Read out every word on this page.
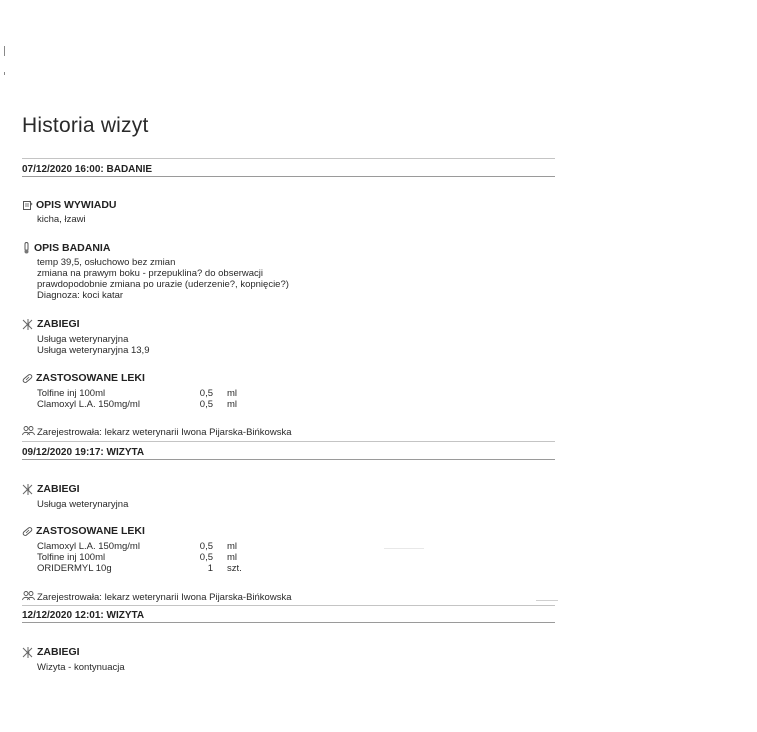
Historia wizyt
07/12/2020 16:00: BADANIE
OPIS WYWIADU
kicha, łzawi
OPIS BADANIA
temp 39,5, osłuchowo bez zmian
zmiana na prawym boku - przepuklina? do obserwacji
prawdopodobnie zmiana po urazie (uderzenie?, kopnięcie?)
Diagnoza: koci katar
ZABIEGI
Usługa weterynaryjna
Usługa weterynaryjna 13,9
ZASTOSOWANE LEKI
Tolfine inj 100ml	0,5	ml
Clamoxyl L.A. 150mg/ml	0,5	ml
Zarejestrowała: lekarz weterynarii Iwona Pijarska-Bińkowska
09/12/2020 19:17: WIZYTA
ZABIEGI
Usługa weterynaryjna
ZASTOSOWANE LEKI
Clamoxyl L.A. 150mg/ml	0,5	ml
Tolfine inj 100ml	0,5	ml
ORIDERMYL 10g	1	szt.
Zarejestrowała: lekarz weterynarii Iwona Pijarska-Bińkowska
12/12/2020 12:01: WIZYTA
ZABIEGI
Wizyta - kontynuacja
